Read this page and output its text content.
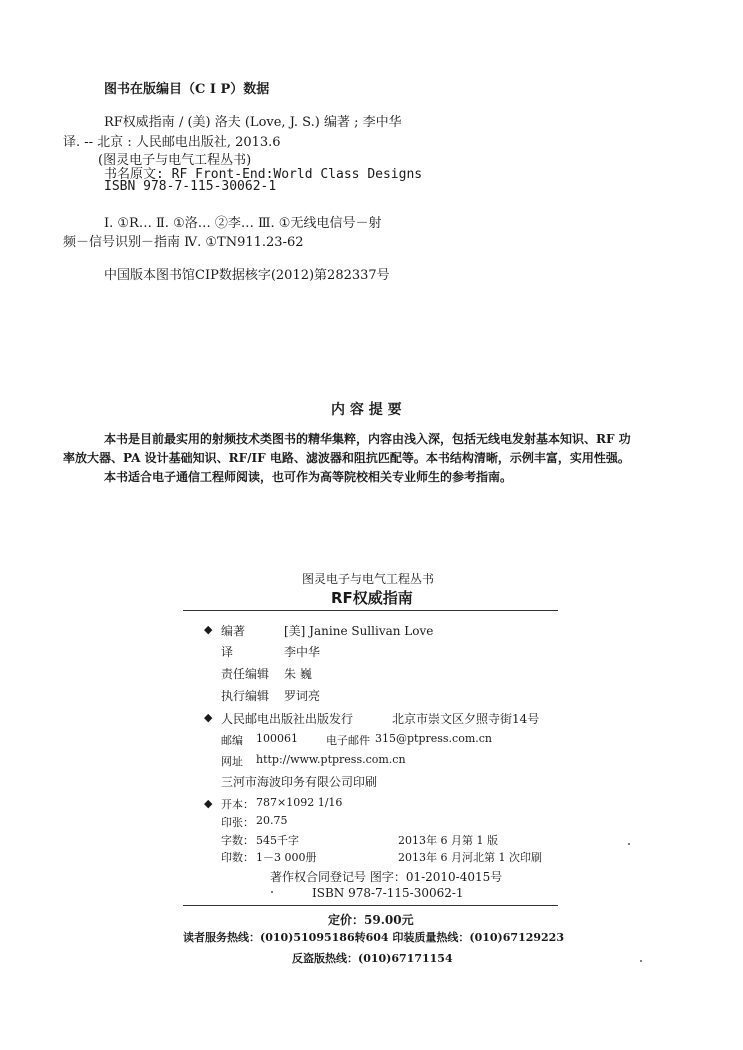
图书在版编目（C I P）数据
RF权威指南 / (美) 洛夫 (Love, J. S.) 编著 ; 李中华
译. -- 北京 : 人民邮电出版社, 2013.6
(图灵电子与电气工程丛书)
书名原文: RF Front-End:World Class Designs
ISBN 978-7-115-30062-1
Ⅰ. ①R… Ⅱ. ①洛… ②李… Ⅲ. ①无线电信号－射
频－信号识别－指南 Ⅳ. ①TN911.23-62
中国版本图书馆CIP数据核字(2012)第282337号
内 容 提 要
本书是目前最实用的射频技术类图书的精华集粹，内容由浅入深，包括无线电发射基本知识、RF 功
率放大器、PA 设计基础知识、RF/IF 电路、滤波器和阻抗匹配等。本书结构清晰，示例丰富，实用性强。
本书适合电子通信工程师阅读，也可作为高等院校相关专业师生的参考指南。
图灵电子与电气工程丛书
RF权威指南
◆ 编著	[美] Janine Sullivan Love
译	李中华
责任编辑 朱 巍
执行编辑 罗词亮
◆ 人民邮电出版社出版发行	北京市崇文区夕照寺街14号
邮编 100061	电子邮件 315@ptpress.com.cn
网址 http://www.ptpress.com.cn
三河市海波印务有限公司印刷
◆ 开本： 787×1092 1/16
印张： 20.75
字数： 545千字	2013年 6 月第 1 版
印数： 1－3 000册	2013年 6 月河北第 1 次印刷
著作权合同登记号 图字：01-2010-4015号
ISBN 978-7-115-30062-1
定价：59.00元
读者服务热线：(010)51095186转604 印装质量热线：(010)67129223
反盗版热线：(010)67171154
